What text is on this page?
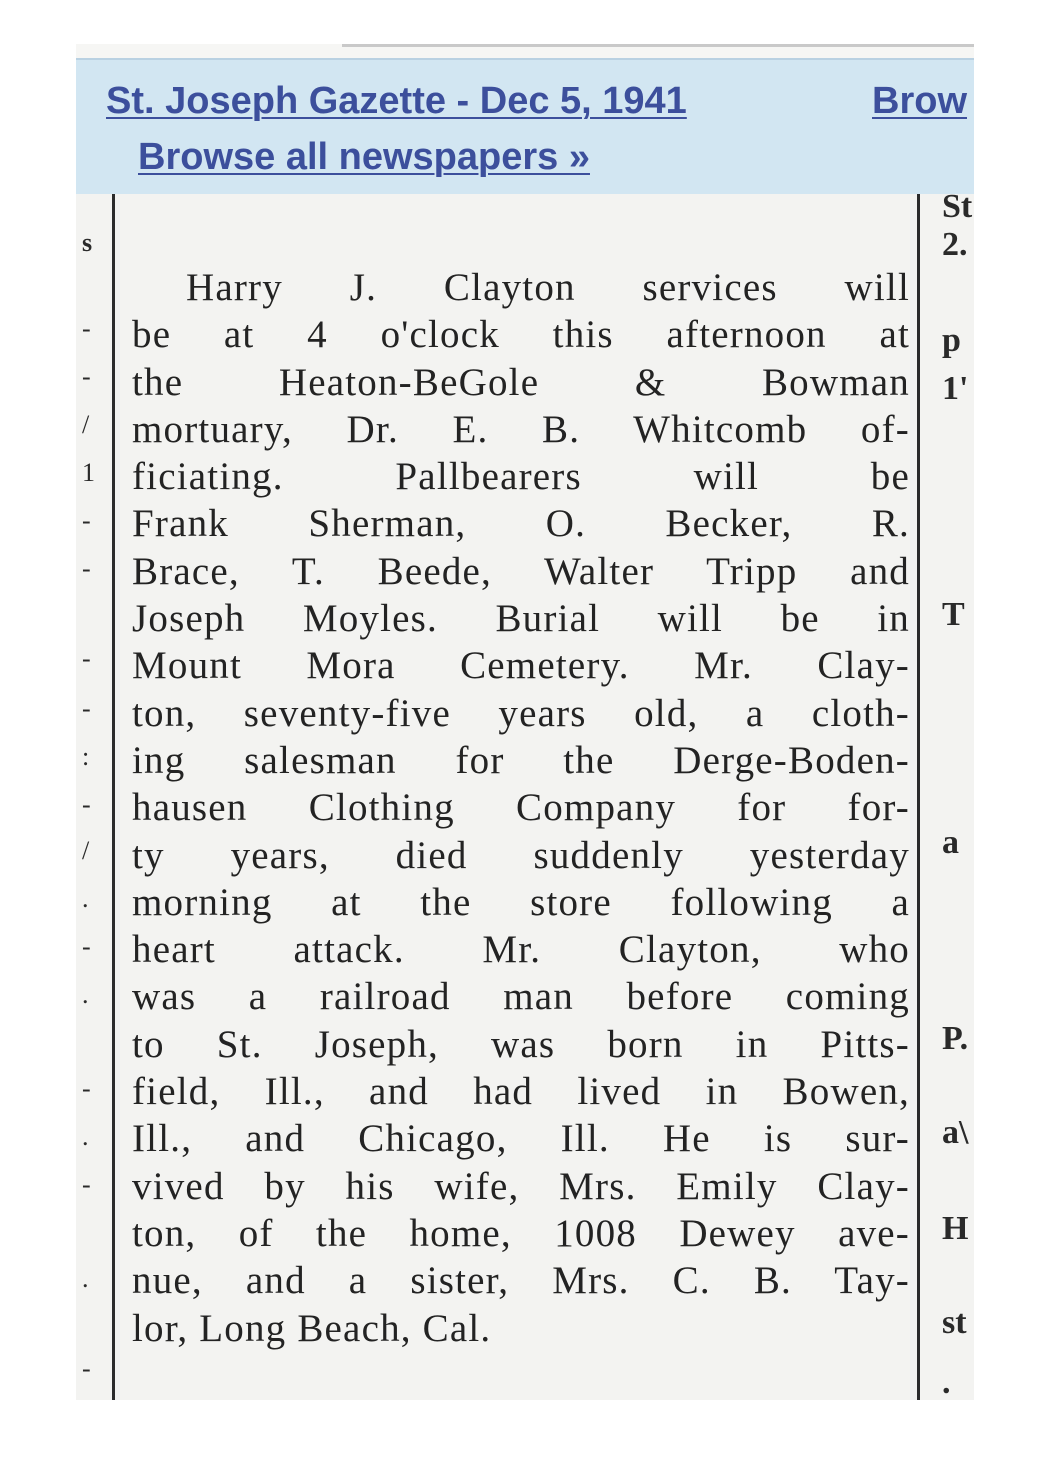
St. Joseph Gazette - Dec 5, 1941	Brow
Browse all newspapers »
s
-
-
/
1
-
-
-
-
:
-
/
.
-
.
-
.
-
.
-
St
2.
p
1'
T
a
P.
a\
H
st
.
Harry J. Clayton services will
be at 4 o'clock this afternoon at
the Heaton-BeGole & Bowman
mortuary, Dr. E. B. Whitcomb of-
ficiating. Pallbearers will be
Frank Sherman, O. Becker, R.
Brace, T. Beede, Walter Tripp and
Joseph Moyles. Burial will be in
Mount Mora Cemetery. Mr. Clay-
ton, seventy-five years old, a cloth-
ing salesman for the Derge-Boden-
hausen Clothing Company for for-
ty years, died suddenly yesterday
morning at the store following a
heart attack. Mr. Clayton, who
was a railroad man before coming
to St. Joseph, was born in Pitts-
field, Ill., and had lived in Bowen,
Ill., and Chicago, Ill. He is sur-
vived by his wife, Mrs. Emily Clay-
ton, of the home, 1008 Dewey ave-
nue, and a sister, Mrs. C. B. Tay-
lor, Long Beach, Cal.
